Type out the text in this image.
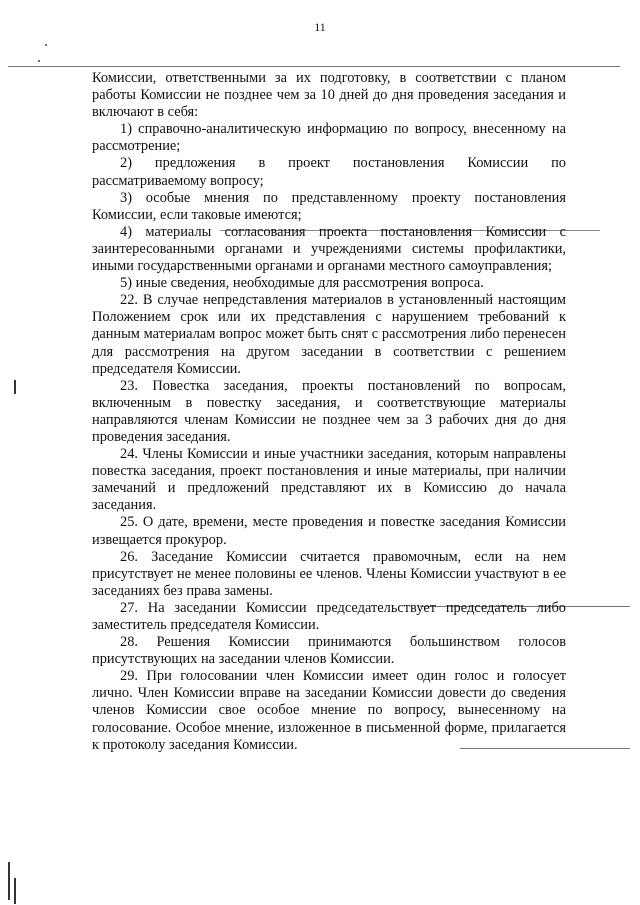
11

Комиссии, ответственными за их подготовку, в соответствии с планом работы Комиссии не позднее чем за 10 дней до дня проведения заседания и включают в себя:

1) справочно-аналитическую информацию по вопросу, внесенному на рассмотрение;

2) предложения в проект постановления Комиссии по рассматриваемому вопросу;

3) особые мнения по представленному проекту постановления Комиссии, если таковые имеются;

4) материалы согласования проекта постановления Комиссии с заинтересованными органами и учреждениями системы профилактики, иными государственными органами и органами местного самоуправления;

5) иные сведения, необходимые для рассмотрения вопроса.

22. В случае непредставления материалов в установленный настоящим Положением срок или их представления с нарушением требований к данным материалам вопрос может быть снят с рассмотрения либо перенесен для рассмотрения на другом заседании в соответствии с решением председателя Комиссии.

23. Повестка заседания, проекты постановлений по вопросам, включенным в повестку заседания, и соответствующие материалы направляются членам Комиссии не позднее чем за 3 рабочих дня до дня проведения заседания.

24. Члены Комиссии и иные участники заседания, которым направлены повестка заседания, проект постановления и иные материалы, при наличии замечаний и предложений представляют их в Комиссию до начала заседания.

25. О дате, времени, месте проведения и повестке заседания Комиссии извещается прокурор.

26. Заседание Комиссии считается правомочным, если на нем присутствует не менее половины ее членов. Члены Комиссии участвуют в ее заседаниях без права замены.

27. На заседании Комиссии председательствует председатель либо заместитель председателя Комиссии.

28. Решения Комиссии принимаются большинством голосов присутствующих на заседании членов Комиссии.

29. При голосовании член Комиссии имеет один голос и голосует лично. Член Комиссии вправе на заседании Комиссии довести до сведения членов Комиссии свое особое мнение по вопросу, вынесенному на голосование. Особое мнение, изложенное в письменной форме, прилагается к протоколу заседания Комиссии.
